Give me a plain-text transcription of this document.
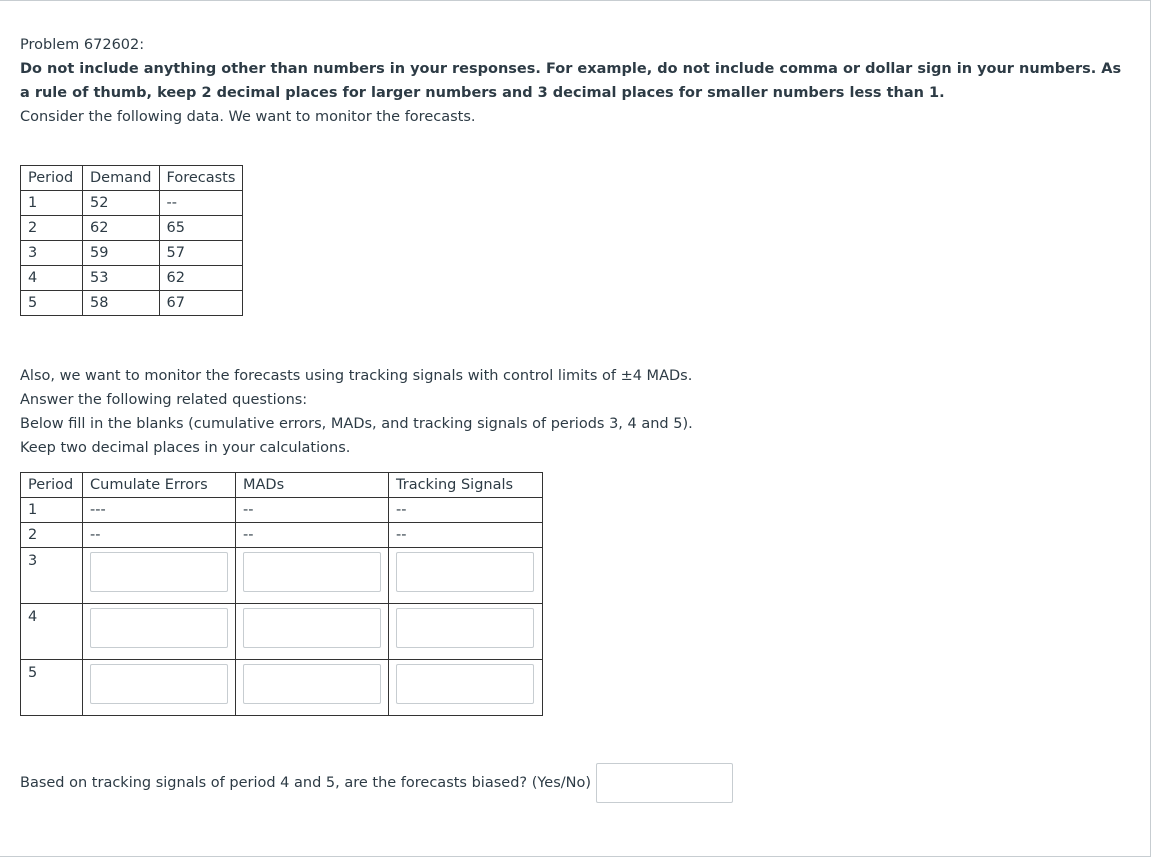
Problem 672602:

Do not include anything other than numbers in your responses. For example, do not include comma or dollar sign in your numbers. As a rule of thumb, keep 2 decimal places for larger numbers and 3 decimal places for smaller numbers less than 1.

Consider the following data. We want to monitor the forecasts.

Period	Demand	Forecasts
1	52	--
2	62	65
3	59	57
4	53	62
5	58	67

Also, we want to monitor the forecasts using tracking signals with control limits of ±4 MADs.

Answer the following related questions:

Below fill in the blanks (cumulative errors, MADs, and tracking signals of periods 3, 4 and 5).

Keep two decimal places in your calculations.

Period	Cumulate Errors	MADs	Tracking Signals
1	---	--	--
2	--	--	--
3	

4	

5	

Based on tracking signals of period 4 and 5, are the forecasts biased? (Yes/No)
